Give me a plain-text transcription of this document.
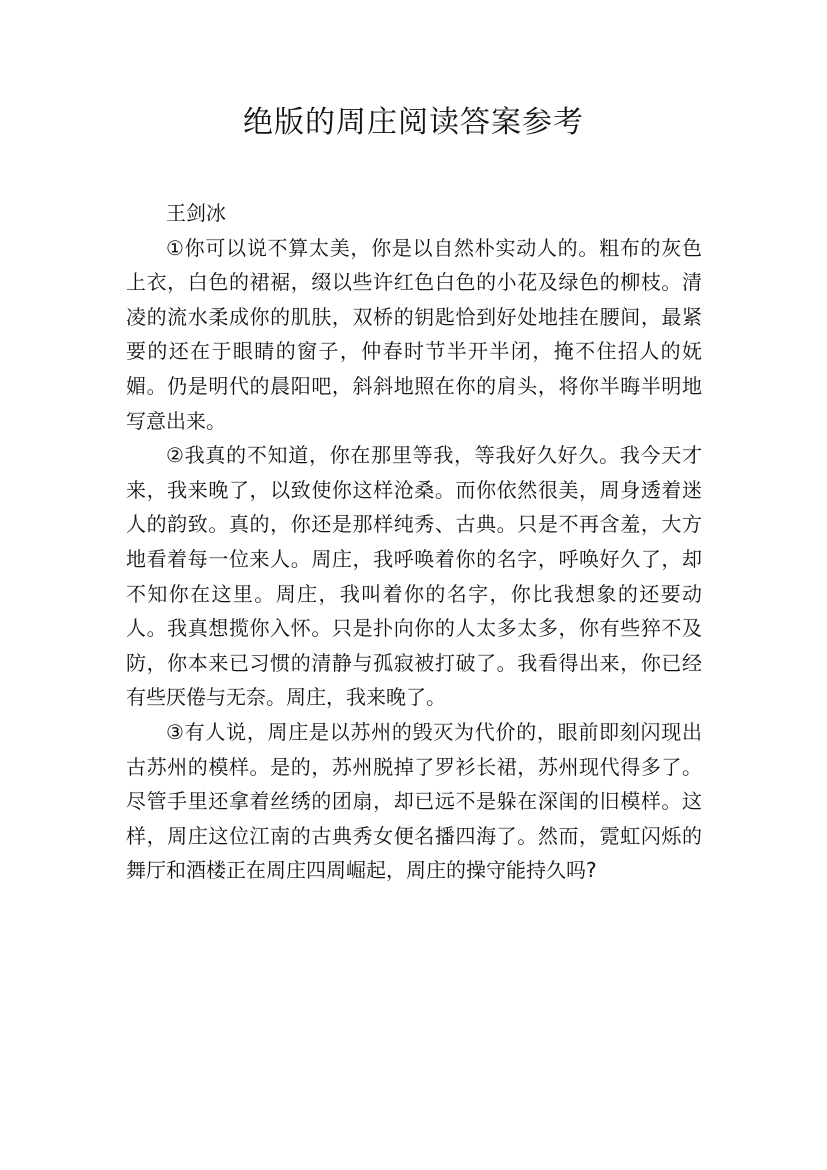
绝版的周庄阅读答案参考

王剑冰

①你可以说不算太美，你是以自然朴实动人的。粗布的灰色上衣，白色的裙裾，缀以些许红色白色的小花及绿色的柳枝。清凌的流水柔成你的肌肤，双桥的钥匙恰到好处地挂在腰间，最紧要的还在于眼睛的窗子，仲春时节半开半闭，掩不住招人的妩媚。仍是明代的晨阳吧，斜斜地照在你的肩头，将你半晦半明地写意出来。

②我真的不知道，你在那里等我，等我好久好久。我今天才来，我来晚了，以致使你这样沧桑。而你依然很美，周身透着迷人的韵致。真的，你还是那样纯秀、古典。只是不再含羞，大方地看着每一位来人。周庄，我呼唤着你的名字，呼唤好久了，却不知你在这里。周庄，我叫着你的名字，你比我想象的还要动人。我真想揽你入怀。只是扑向你的人太多太多，你有些猝不及防，你本来已习惯的清静与孤寂被打破了。我看得出来，你已经有些厌倦与无奈。周庄，我来晚了。

③有人说，周庄是以苏州的毁灭为代价的，眼前即刻闪现出古苏州的模样。是的，苏州脱掉了罗衫长裙，苏州现代得多了。尽管手里还拿着丝绣的团扇，却已远不是躲在深闺的旧模样。这样，周庄这位江南的古典秀女便名播四海了。然而，霓虹闪烁的舞厅和酒楼正在周庄四周崛起，周庄的操守能持久吗?
